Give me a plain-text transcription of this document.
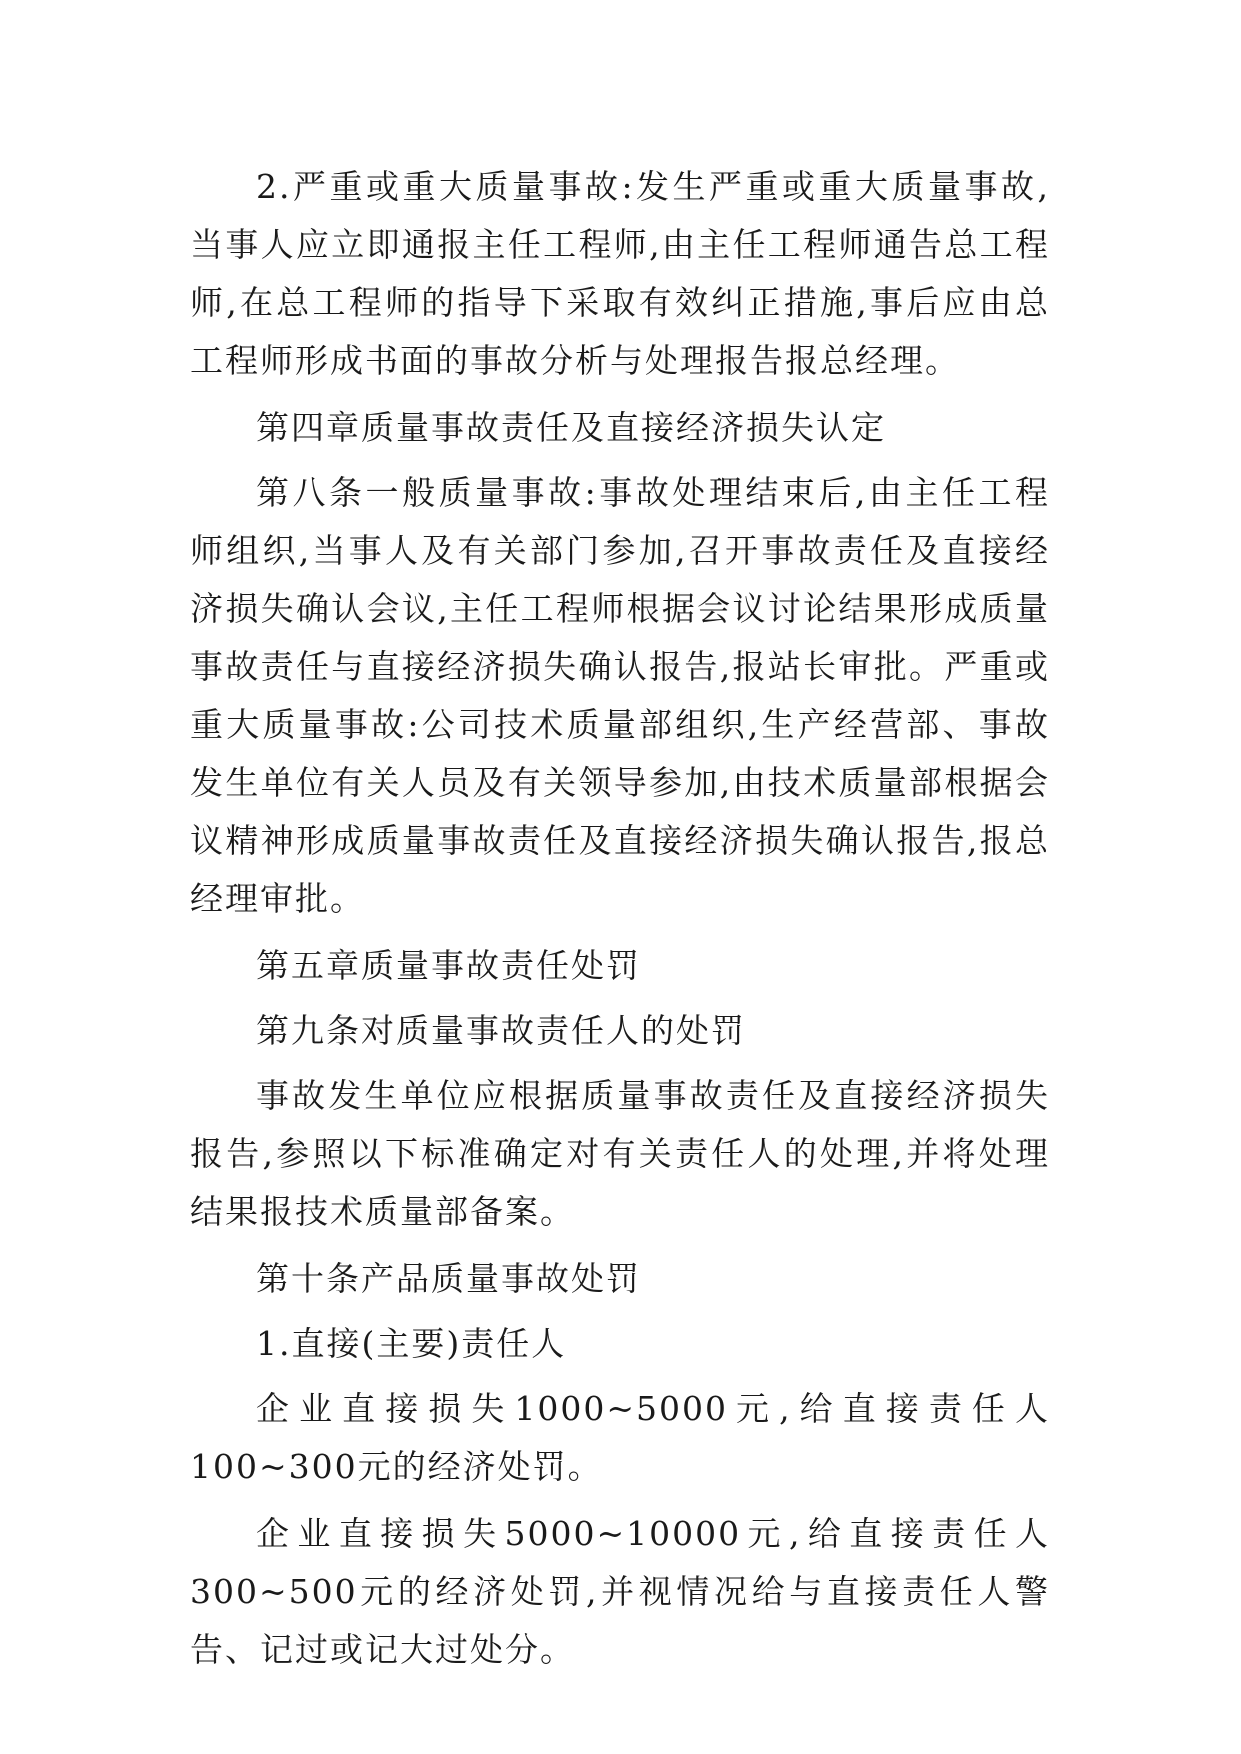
2.严重或重大质量事故:发生严重或重大质量事故,当事人应立即通报主任工程师,由主任工程师通告总工程师,在总工程师的指导下采取有效纠正措施,事后应由总工程师形成书面的事故分析与处理报告报总经理。

第四章质量事故责任及直接经济损失认定

第八条一般质量事故:事故处理结束后,由主任工程师组织,当事人及有关部门参加,召开事故责任及直接经济损失确认会议,主任工程师根据会议讨论结果形成质量事故责任与直接经济损失确认报告,报站长审批。严重或重大质量事故:公司技术质量部组织,生产经营部、事故发生单位有关人员及有关领导参加,由技术质量部根据会议精神形成质量事故责任及直接经济损失确认报告,报总经理审批。

第五章质量事故责任处罚

第九条对质量事故责任人的处罚

事故发生单位应根据质量事故责任及直接经济损失报告,参照以下标准确定对有关责任人的处理,并将处理结果报技术质量部备案。

第十条产品质量事故处罚

1.直接(主要)责任人

企业直接损失1000~5000元,给直接责任人100~300元的经济处罚。

企业直接损失5000~10000元,给直接责任人300~500元的经济处罚,并视情况给与直接责任人警告、记过或记大过处分。
